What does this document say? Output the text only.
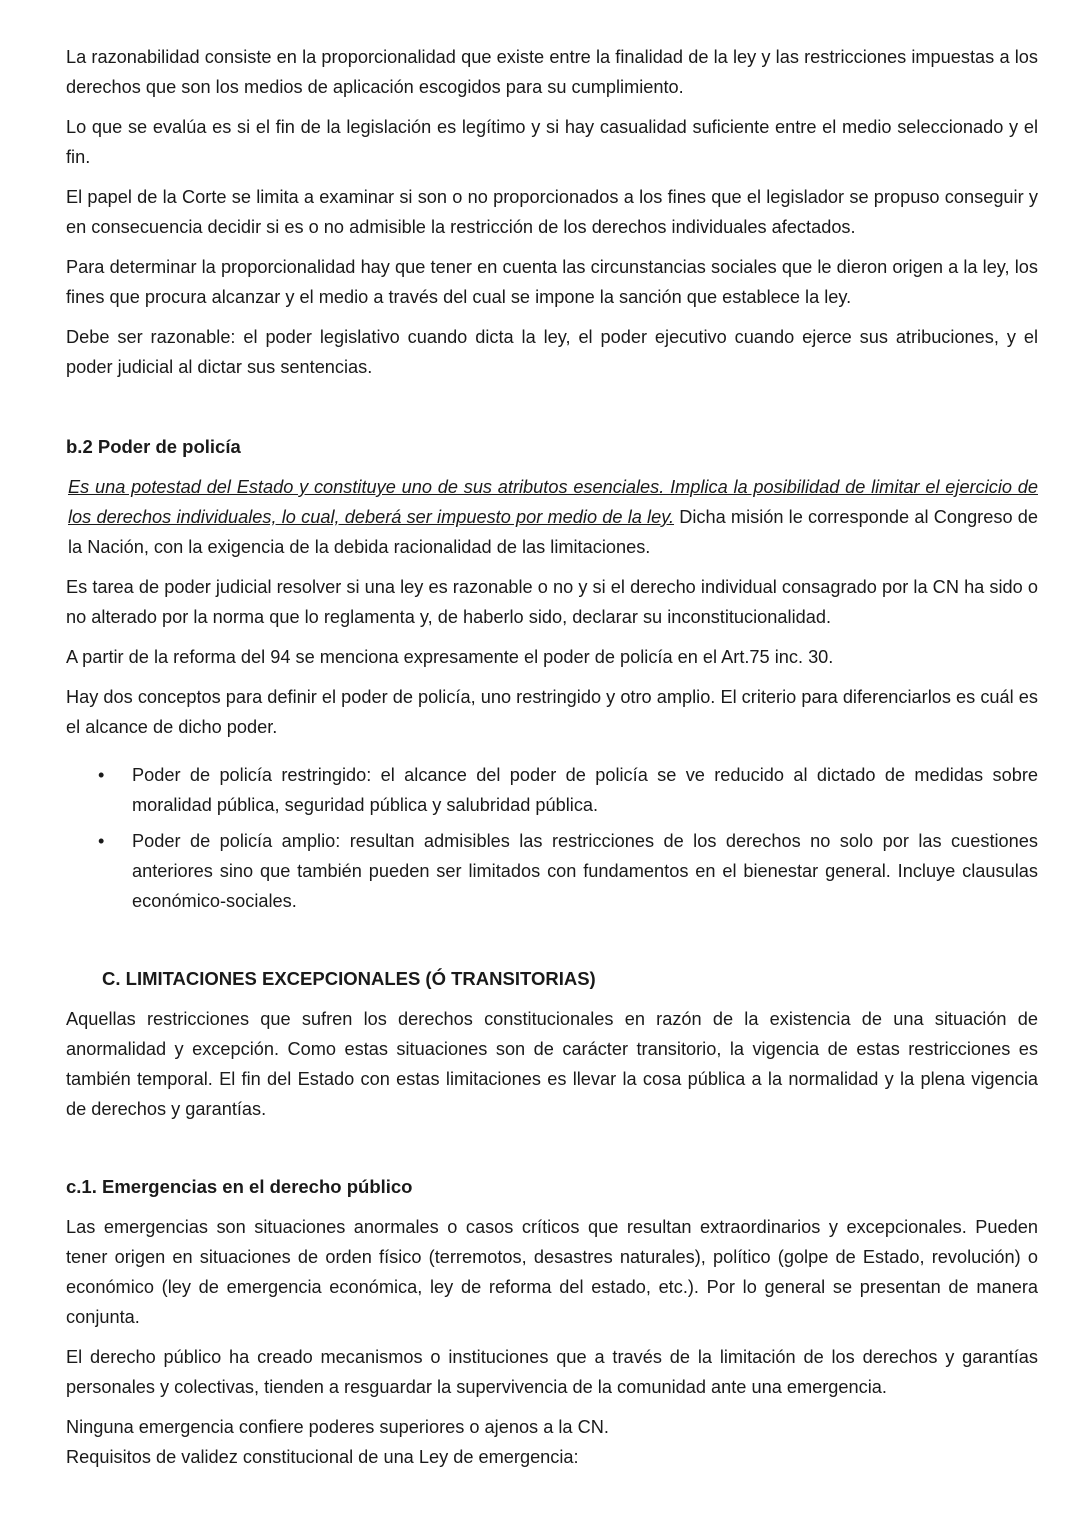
La razonabilidad consiste en la proporcionalidad que existe entre la finalidad de la ley y las restricciones impuestas a los derechos que son los medios de aplicación escogidos para su cumplimiento.

Lo que se evalúa es si el fin de la legislación es legítimo y si hay casualidad suficiente entre el medio seleccionado y el fin.

El papel de la Corte se limita a examinar si son o no proporcionados a los fines que el legislador se propuso conseguir y en consecuencia decidir si es o no admisible la restricción de los derechos individuales afectados.

Para determinar la proporcionalidad hay que tener en cuenta las circunstancias sociales que le dieron origen a la ley, los fines que procura alcanzar y el medio a través del cual se impone la sanción que establece la ley.

Debe ser razonable: el poder legislativo cuando dicta la ley, el poder ejecutivo cuando ejerce sus atribuciones, y el poder judicial al dictar sus sentencias.

b.2 Poder de policía

Es una potestad del Estado y constituye uno de sus atributos esenciales. Implica la posibilidad de limitar el ejercicio de los derechos individuales, lo cual, deberá ser impuesto por medio de la ley. Dicha misión le corresponde al Congreso de la Nación, con la exigencia de la debida racionalidad de las limitaciones.

Es tarea de poder judicial resolver si una ley es razonable o no y si el derecho individual consagrado por la CN ha sido o no alterado por la norma que lo reglamenta y, de haberlo sido, declarar su inconstitucionalidad.

A partir de la reforma del 94 se menciona expresamente el poder de policía en el Art.75 inc. 30.

Hay dos conceptos para definir el poder de policía, uno restringido y otro amplio. El criterio para diferenciarlos es cuál es el alcance de dicho poder.

• Poder de policía restringido: el alcance del poder de policía se ve reducido al dictado de medidas sobre moralidad pública, seguridad pública y salubridad pública.
• Poder de policía amplio: resultan admisibles las restricciones de los derechos no solo por las cuestiones anteriores sino que también pueden ser limitados con fundamentos en el bienestar general. Incluye clausulas económico-sociales.
C. LIMITACIONES EXCEPCIONALES (Ó TRANSITORIAS)

Aquellas restricciones que sufren los derechos constitucionales en razón de la existencia de una situación de anormalidad y excepción. Como estas situaciones son de carácter transitorio, la vigencia de estas restricciones es también temporal. El fin del Estado con estas limitaciones es llevar la cosa pública a la normalidad y la plena vigencia de derechos y garantías.

c.1. Emergencias en el derecho público

Las emergencias son situaciones anormales o casos críticos que resultan extraordinarios y excepcionales. Pueden tener origen en situaciones de orden físico (terremotos, desastres naturales), político (golpe de Estado, revolución) o económico (ley de emergencia económica, ley de reforma del estado, etc.). Por lo general se presentan de manera conjunta.

El derecho público ha creado mecanismos o instituciones que a través de la limitación de los derechos y garantías personales y colectivas, tienden a resguardar la supervivencia de la comunidad ante una emergencia.

Ninguna emergencia confiere poderes superiores o ajenos a la CN.

Requisitos de validez constitucional de una Ley de emergencia:
